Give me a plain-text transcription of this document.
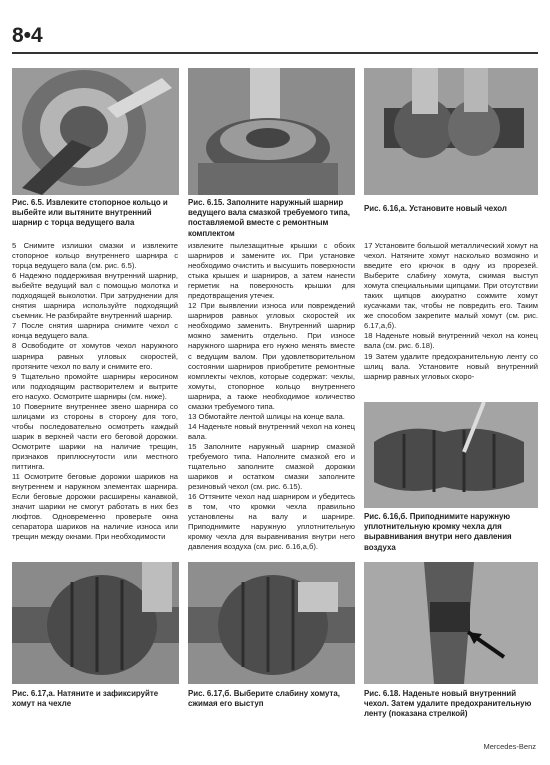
8•4
Рис. 6.5. Извлеките стопорное кольцо и выбейте или вытяните внутренний шарнир с торца ведущего вала
Рис. 6.15. Заполните наружный шарнир ведущего вала смазкой требуемого типа, поставляемой вместе с ремонтным комплектом
Рис. 6.16,a. Установите новый чехол

5 Снимите излишки смазки и извлеките стопорное кольцо внутреннего шарнира с торца ведущего вала (см. рис. 6.5).

6 Надежно поддерживая внутренний шарнир, выбейте ведущий вал с помощью молотка и подходящей выколотки. При затруднении для снятия шарнира используйте подходящий съемник. Не разбирайте внутренний шарнир.

7 После снятия шарнира снимите чехол с конца ведущего вала.

8 Освободите от хомутов чехол наружного шарнира равных угловых скоростей, протяните чехол по валу и снимите его.

9 Тщательно промойте шарниры керосином или подходящим растворителем и вытрите его насухо. Осмотрите шарниры (см. ниже).

10 Поверните внутреннее звено шарнира со шлицами из стороны в сторону для того, чтобы последовательно осмотреть каждый шарик в верхней части его беговой дорожки. Осмотрите шарики на наличие трещин, признаков приплюснутости или местного питтинга.

11 Осмотрите беговые дорожки шариков на внутреннем и наружном элементах шарнира. Если беговые дорожки расширены канавкой, значит шарики не смогут работать в них без люфтов. Одновременно проверьте окна сепаратора шариков на наличие износа или трещин между окнами. При необходимости

извлеките пылезащитные крышки с обоих шарниров и замените их. При установке необходимо очистить и высушить поверхности стыка крышек и шарниров, а затем нанести герметик на поверхность крышки для предотвращения утечек.

12 При выявлении износа или повреждений шарниров равных угловых скоростей их необходимо заменить. Внутренний шарнир можно заменить отдельно. При износе наружного шарнира его нужно менять вместе с ведущим валом. При удовлетворительном состоянии шарниров приобретите ремонтные комплекты чехлов, которые содержат: чехлы, хомуты, стопорное кольцо внутреннего шарнира, а также необходимое количество смазки требуемого типа.

13 Обмотайте лентой шлицы на конце вала.

14 Наденьте новый внутренний чехол на конец вала.

15 Заполните наружный шарнир смазкой требуемого типа. Наполните смазкой его и тщательно заполните смазкой дорожки шариков и остатком смазки заполните резиновый чехол (см. рис. 6.15).

16 Оттяните чехол над шарниром и убедитесь в том, что кромки чехла правильно установлены на валу и шарнире. Приподнимите наружную уплотнительную кромку чехла для выравнивания внутри него давления воздуха (см. рис. 6.16,а,б).

17 Установите большой металлический хомут на чехол. Натяните хомут насколько возможно и введите его крючок в одну из прорезей. Выберите слабину хомута, сжимая выступ хомута специальными щипцами. При отсутствии таких щипцов аккуратно сожмите хомут кусачками так, чтобы не повредить его. Таким же способом закрепите малый хомут (см. рис. 6.17,а,б).

18 Наденьте новый внутренний чехол на конец вала (см. рис. 6.18).

19 Затем удалите предохранительную ленту со шлиц вала. Установите новый внутренний шарнир равных угловых скоро-

Рис. 6.16,б. Приподнимите наружную уплотнительную кромку чехла для выравнивания внутри него давления воздуха
Рис. 6.17,a. Натяните и зафиксируйте хомут на чехле
Рис. 6.17,б. Выберите слабину хомута, сжимая его выступ
Рис. 6.18. Наденьте новый внутренний чехол. Затем удалите предохранительную ленту (показана стрелкой)
Mercedes-Benz
